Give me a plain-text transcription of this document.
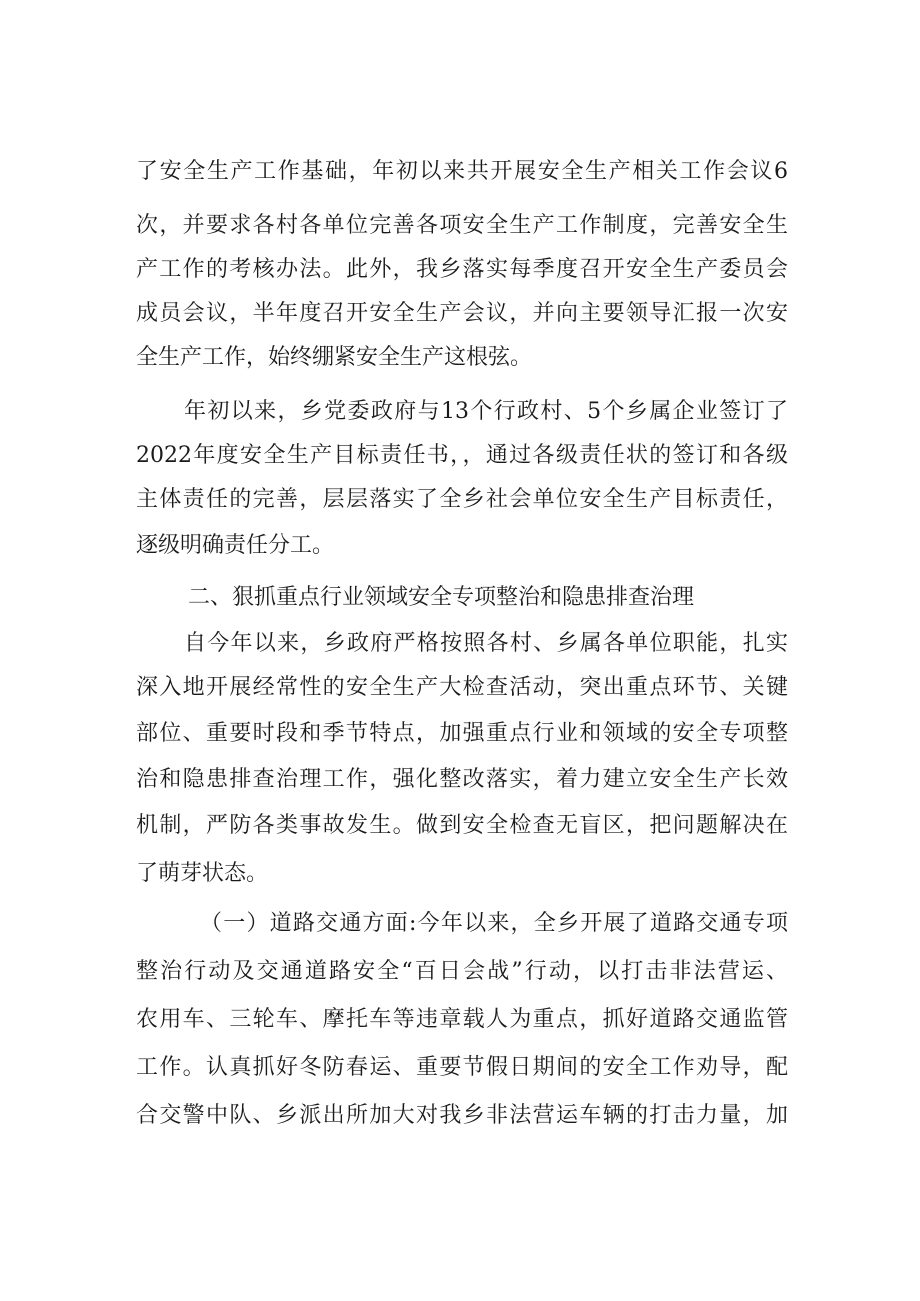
了安全生产工作基础，年初以来共开展安全生产相关工作会议6

次，并要求各村各单位完善各项安全生产工作制度，完善安全生

产工作的考核办法。此外，我乡落实每季度召开安全生产委员会

成员会议，半年度召开安全生产会议，并向主要领导汇报一次安

全生产工作，始终绷紧安全生产这根弦。

年初以来，乡党委政府与13个行政村、5个乡属企业签订了

2022年度安全生产目标责任书，，通过各级责任状的签订和各级

主体责任的完善，层层落实了全乡社会单位安全生产目标责任，

逐级明确责任分工。

二、狠抓重点行业领域安全专项整治和隐患排查治理

自今年以来，乡政府严格按照各村、乡属各单位职能，扎实

深入地开展经常性的安全生产大检查活动，突出重点环节、关键

部位、重要时段和季节特点，加强重点行业和领域的安全专项整

治和隐患排查治理工作，强化整改落实，着力建立安全生产长效

机制，严防各类事故发生。做到安全检查无盲区，把问题解决在

了萌芽状态。

（一）道路交通方面:今年以来，全乡开展了道路交通专项

整治行动及交通道路安全“百日会战”行动，以打击非法营运、

农用车、三轮车、摩托车等违章载人为重点，抓好道路交通监管

工作。认真抓好冬防春运、重要节假日期间的安全工作劝导，配

合交警中队、乡派出所加大对我乡非法营运车辆的打击力量，加
